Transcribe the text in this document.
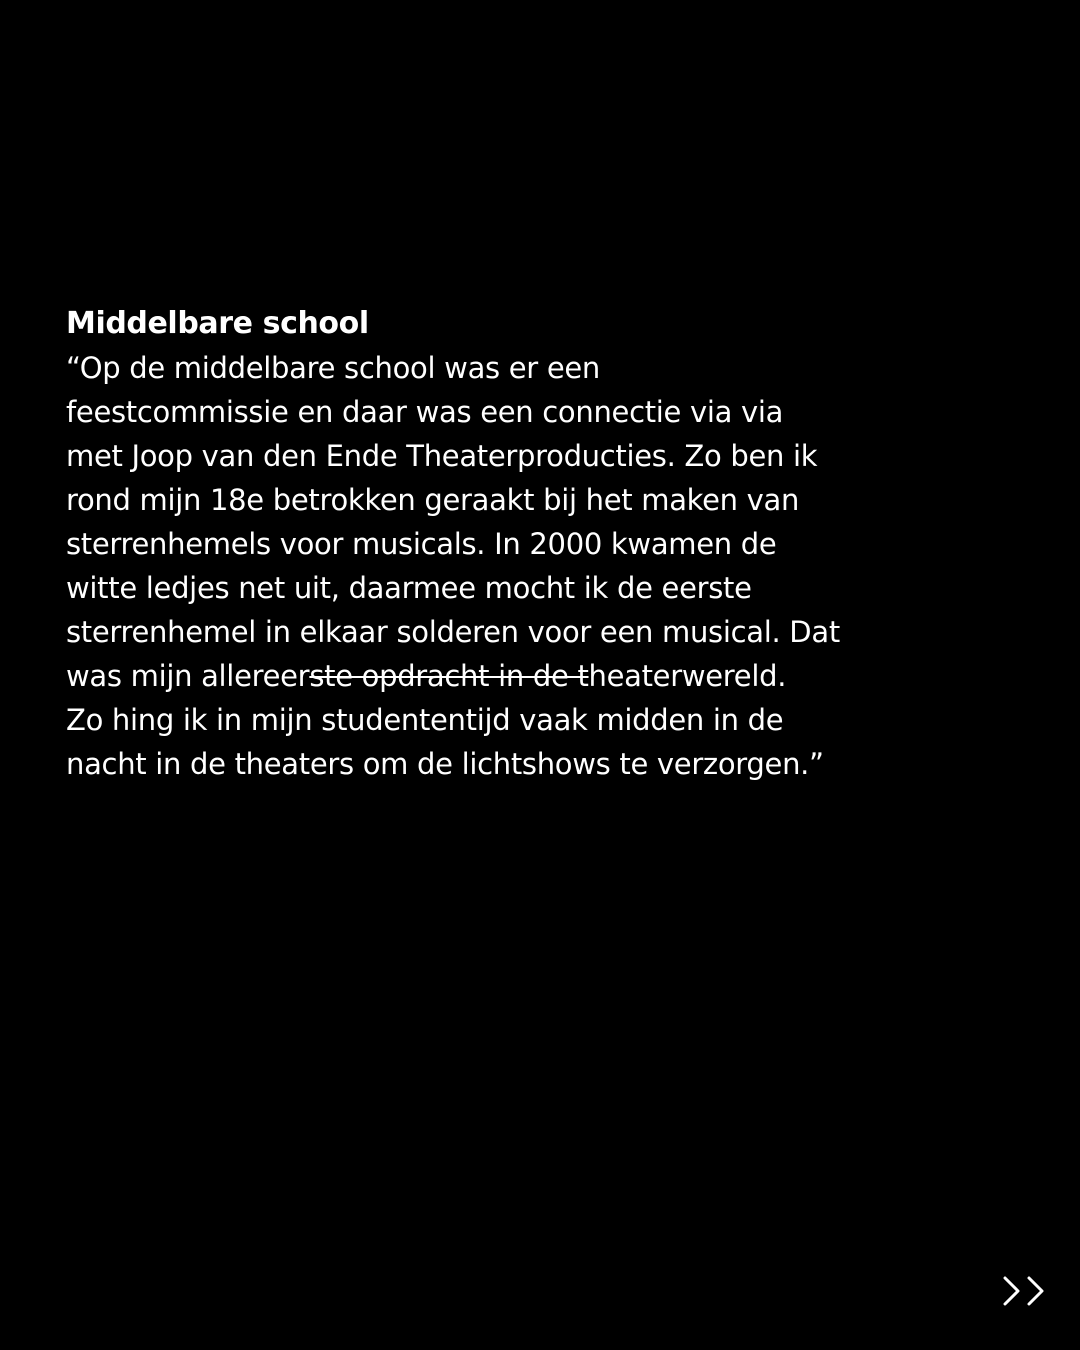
Middelbare school

“Op de middelbare school was er een
feestcommissie en daar was een connectie via via
met Joop van den Ende Theaterproducties. Zo ben ik
rond mijn 18e betrokken geraakt bij het maken van
sterrenhemels voor musicals. In 2000 kwamen de
witte ledjes net uit, daarmee mocht ik de eerste
sterrenhemel in elkaar solderen voor een musical. Dat
was mijn allereerste opdracht in de theaterwereld.
Zo hing ik in mijn studententijd vaak midden in de
nacht in de theaters om de lichtshows te verzorgen.”
